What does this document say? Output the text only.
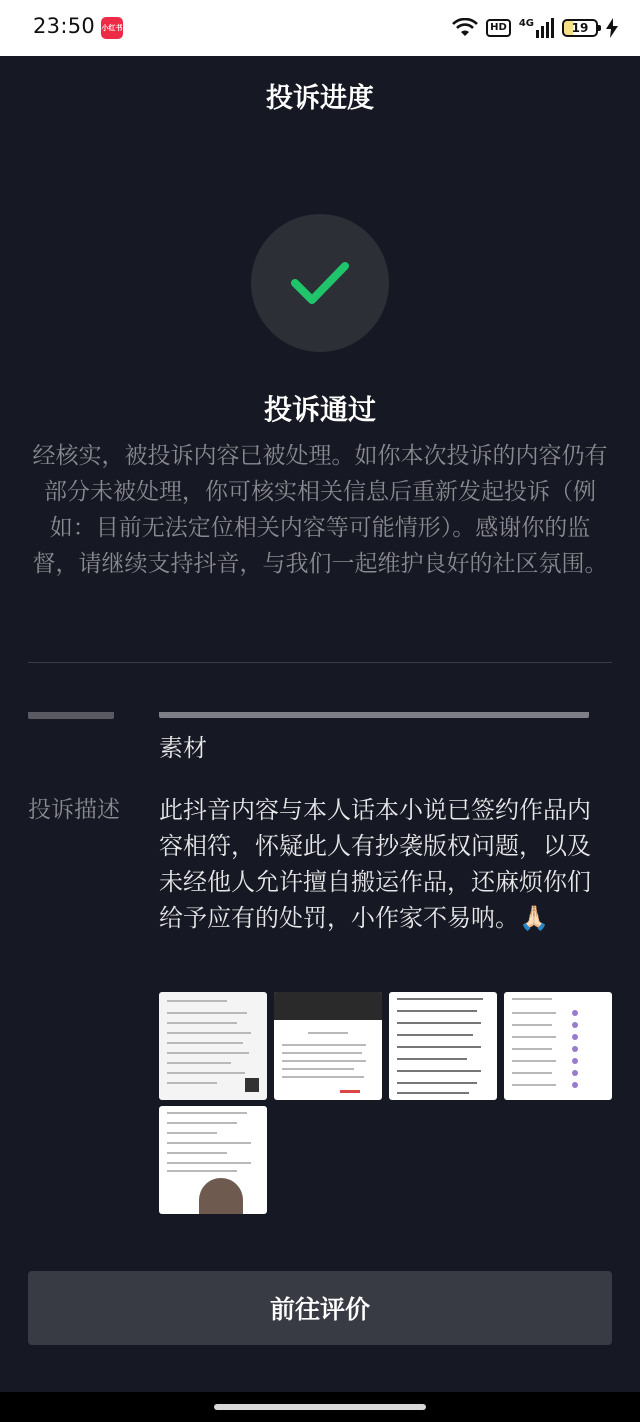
23:50 小红书	HD	4G	19
投诉进度
投诉通过

经核实，被投诉内容已被处理。如你本次投诉的内容仍有部分未被处理，你可核实相关信息后重新发起投诉（例如：目前无法定位相关内容等可能情形）。感谢你的监督，请继续支持抖音，与我们一起维护良好的社区氛围。

素材
投诉描述	此抖音内容与本人话本小说已签约作品内容相符，怀疑此人有抄袭版权问题，以及未经他人允许擅自搬运作品，还麻烦你们给予应有的处罚，小作家不易呐。🙏🏻
前往评价
